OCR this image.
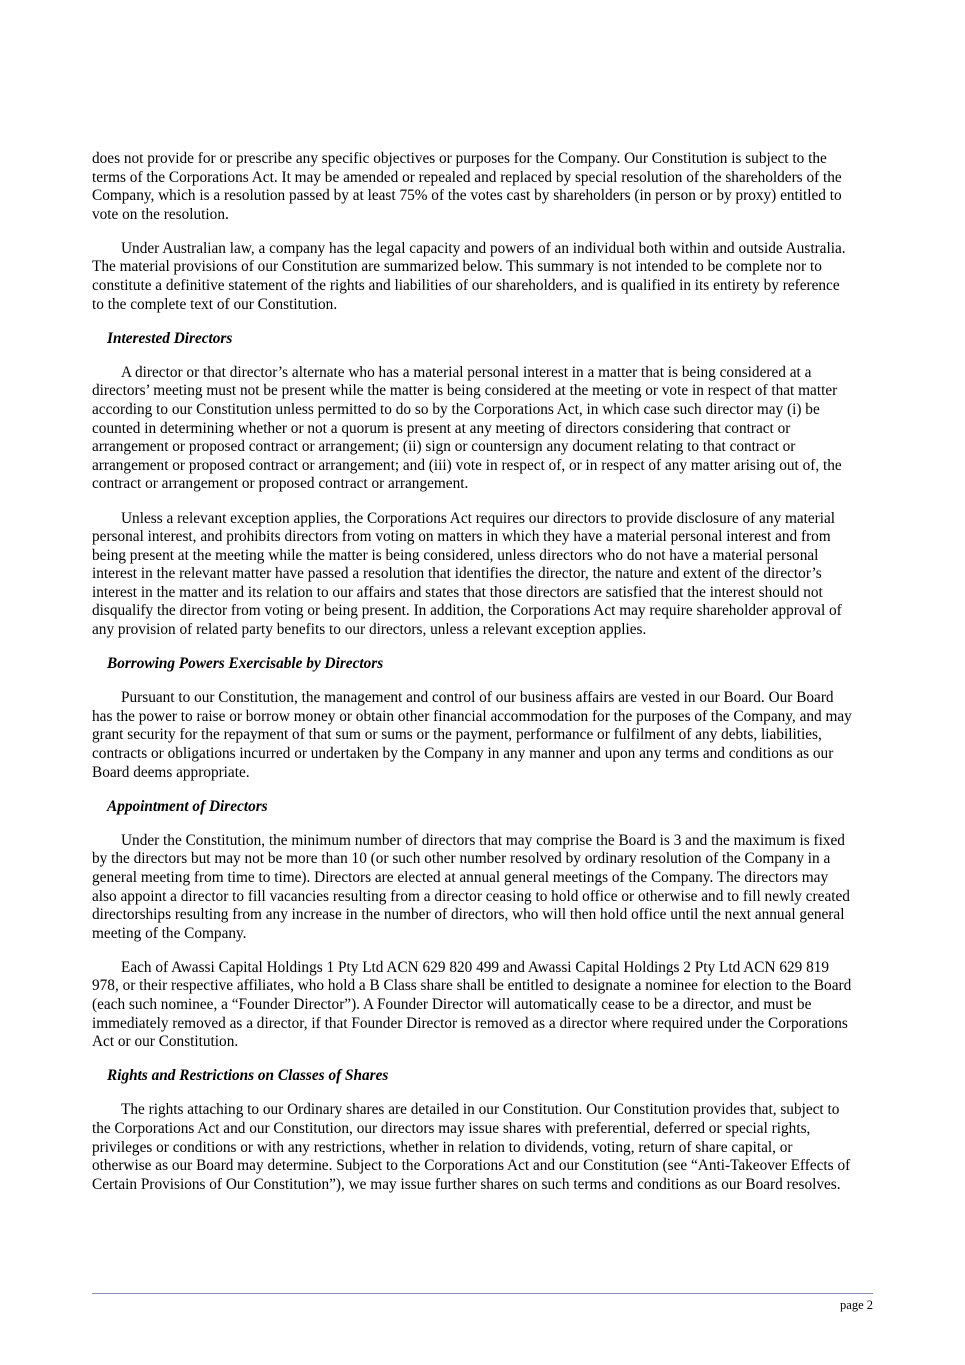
does not provide for or prescribe any specific objectives or purposes for the Company. Our Constitution is subject to the terms of the Corporations Act. It may be amended or repealed and replaced by special resolution of the shareholders of the Company, which is a resolution passed by at least 75% of the votes cast by shareholders (in person or by proxy) entitled to vote on the resolution.

Under Australian law, a company has the legal capacity and powers of an individual both within and outside Australia. The material provisions of our Constitution are summarized below. This summary is not intended to be complete nor to constitute a definitive statement of the rights and liabilities of our shareholders, and is qualified in its entirety by reference to the complete text of our Constitution.

Interested Directors

A director or that director’s alternate who has a material personal interest in a matter that is being considered at a directors’ meeting must not be present while the matter is being considered at the meeting or vote in respect of that matter according to our Constitution unless permitted to do so by the Corporations Act, in which case such director may (i) be counted in determining whether or not a quorum is present at any meeting of directors considering that contract or arrangement or proposed contract or arrangement; (ii) sign or countersign any document relating to that contract or arrangement or proposed contract or arrangement; and (iii) vote in respect of, or in respect of any matter arising out of, the contract or arrangement or proposed contract or arrangement.

Unless a relevant exception applies, the Corporations Act requires our directors to provide disclosure of any material personal interest, and prohibits directors from voting on matters in which they have a material personal interest and from being present at the meeting while the matter is being considered, unless directors who do not have a material personal interest in the relevant matter have passed a resolution that identifies the director, the nature and extent of the director’s interest in the matter and its relation to our affairs and states that those directors are satisfied that the interest should not disqualify the director from voting or being present. In addition, the Corporations Act may require shareholder approval of any provision of related party benefits to our directors, unless a relevant exception applies.

Borrowing Powers Exercisable by Directors

Pursuant to our Constitution, the management and control of our business affairs are vested in our Board. Our Board has the power to raise or borrow money or obtain other financial accommodation for the purposes of the Company, and may grant security for the repayment of that sum or sums or the payment, performance or fulfilment of any debts, liabilities, contracts or obligations incurred or undertaken by the Company in any manner and upon any terms and conditions as our Board deems appropriate.

Appointment of Directors

Under the Constitution, the minimum number of directors that may comprise the Board is 3 and the maximum is fixed by the directors but may not be more than 10 (or such other number resolved by ordinary resolution of the Company in a general meeting from time to time). Directors are elected at annual general meetings of the Company. The directors may also appoint a director to fill vacancies resulting from a director ceasing to hold office or otherwise and to fill newly created directorships resulting from any increase in the number of directors, who will then hold office until the next annual general meeting of the Company.

Each of Awassi Capital Holdings 1 Pty Ltd ACN 629 820 499 and Awassi Capital Holdings 2 Pty Ltd ACN 629 819 978, or their respective affiliates, who hold a B Class share shall be entitled to designate a nominee for election to the Board (each such nominee, a “Founder Director”). A Founder Director will automatically cease to be a director, and must be immediately removed as a director, if that Founder Director is removed as a director where required under the Corporations Act or our Constitution.

Rights and Restrictions on Classes of Shares

The rights attaching to our Ordinary shares are detailed in our Constitution. Our Constitution provides that, subject to the Corporations Act and our Constitution, our directors may issue shares with preferential, deferred or special rights, privileges or conditions or with any restrictions, whether in relation to dividends, voting, return of share capital, or otherwise as our Board may determine. Subject to the Corporations Act and our Constitution (see “Anti-Takeover Effects of Certain Provisions of Our Constitution”), we may issue further shares on such terms and conditions as our Board resolves.

page 2
